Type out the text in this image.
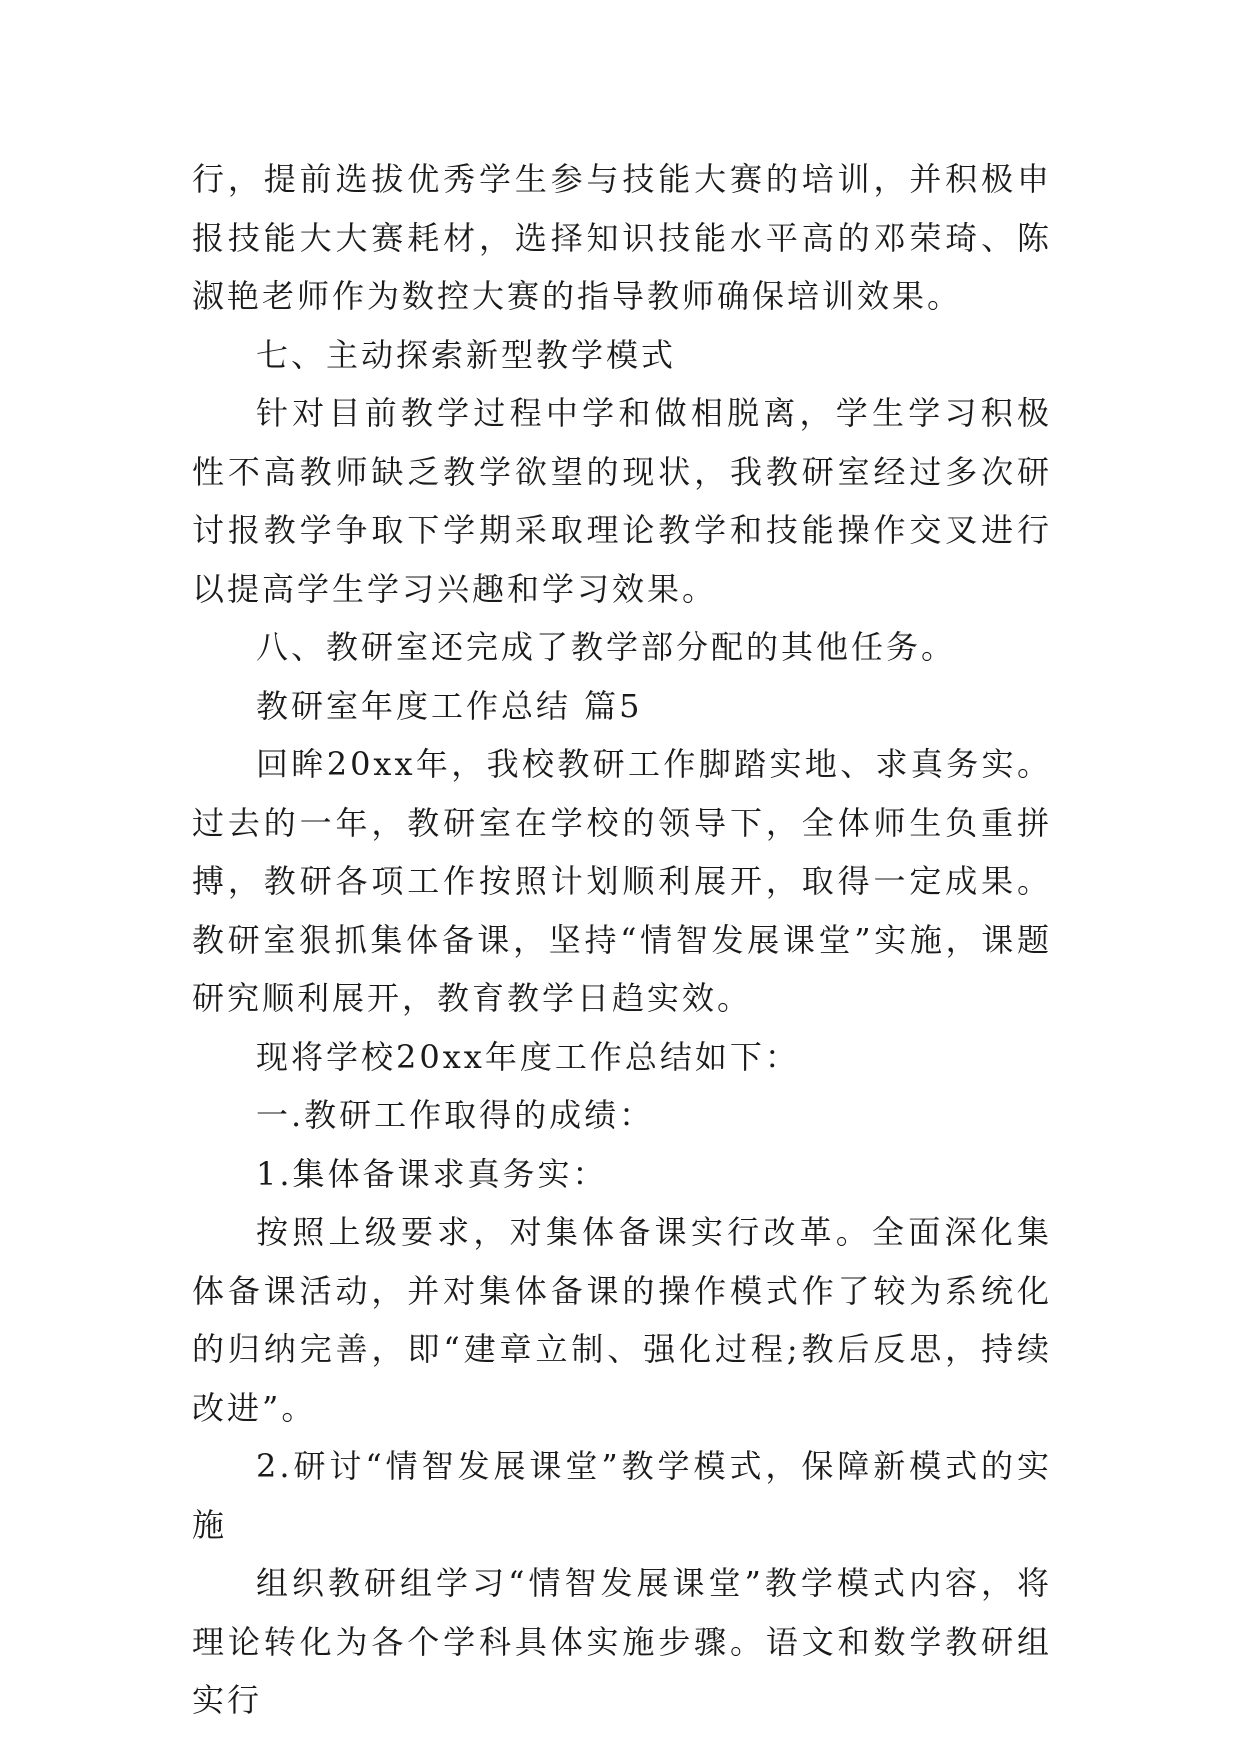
行，提前选拔优秀学生参与技能大赛的培训，并积极申报技能大大赛耗材，选择知识技能水平高的邓荣琦、陈淑艳老师作为数控大赛的指导教师确保培训效果。

七、主动探索新型教学模式

针对目前教学过程中学和做相脱离，学生学习积极性不高教师缺乏教学欲望的现状，我教研室经过多次研讨报教学争取下学期采取理论教学和技能操作交叉进行以提高学生学习兴趣和学习效果。

八、教研室还完成了教学部分配的其他任务。

教研室年度工作总结 篇5

回眸20xx年，我校教研工作脚踏实地、求真务实。过去的一年，教研室在学校的领导下，全体师生负重拼搏，教研各项工作按照计划顺利展开，取得一定成果。教研室狠抓集体备课，坚持“情智发展课堂”实施，课题研究顺利展开，教育教学日趋实效。

现将学校20xx年度工作总结如下：

一.教研工作取得的成绩：

1.集体备课求真务实：

按照上级要求，对集体备课实行改革。全面深化集体备课活动，并对集体备课的操作模式作了较为系统化的归纳完善，即“建章立制、强化过程;教后反思，持续改进”。

2.研讨“情智发展课堂”教学模式，保障新模式的实施

组织教研组学习“情智发展课堂”教学模式内容，将理论转化为各个学科具体实施步骤。语文和数学教研组实行
